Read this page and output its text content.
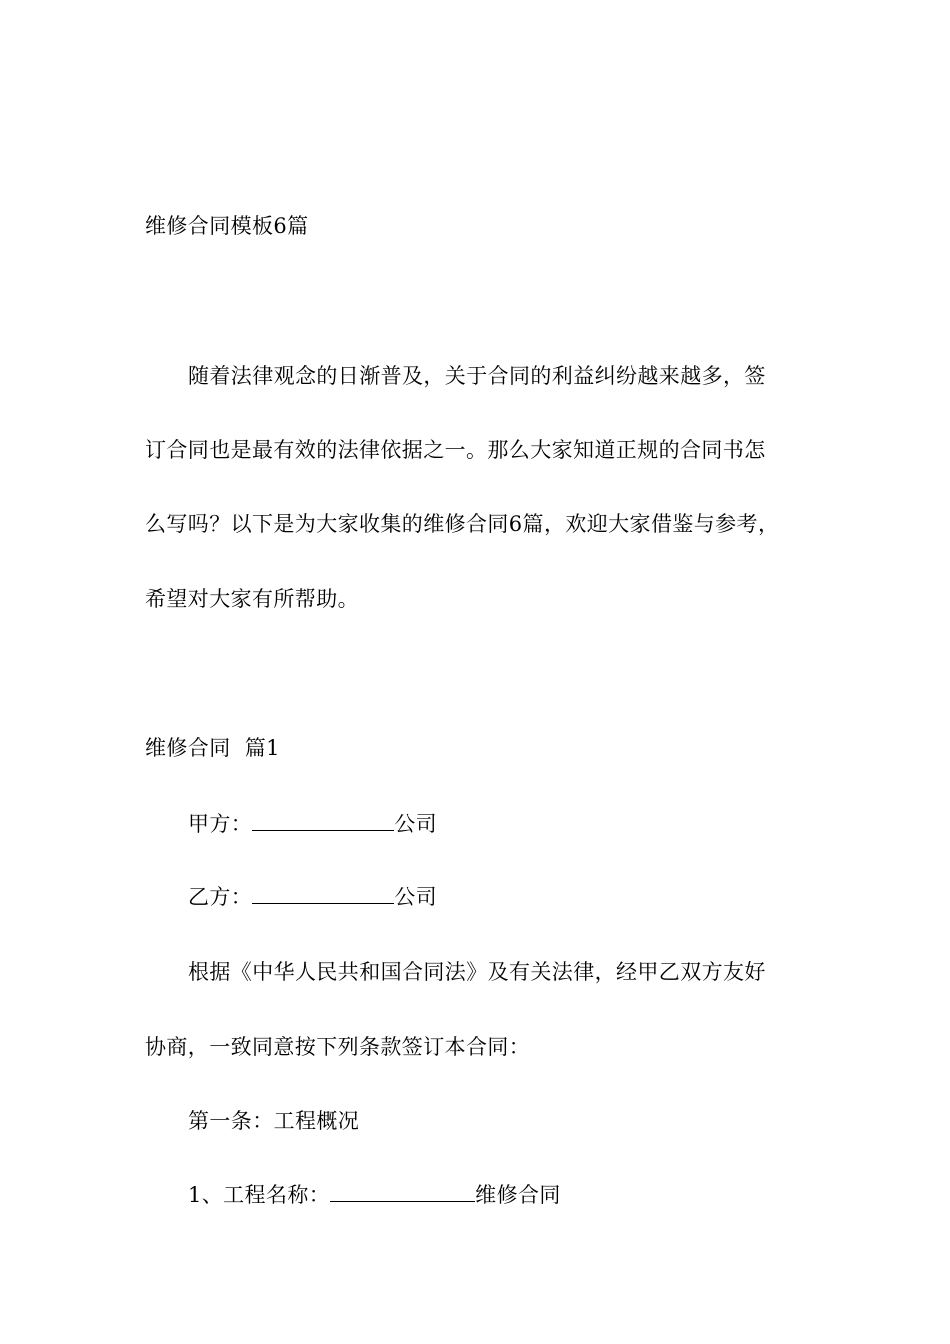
维修合同模板6篇
随着法律观念的日渐普及，关于合同的利益纠纷越来越多，签
订合同也是最有效的法律依据之一。那么大家知道正规的合同书怎
么写吗？以下是为大家收集的维修合同6篇，欢迎大家借鉴与参考，
希望对大家有所帮助。
维修合同  篇1
甲方：	公司
乙方：	公司
根据《中华人民共和国合同法》及有关法律，经甲乙双方友好
协商，一致同意按下列条款签订本合同：
第一条：工程概况
1、工程名称：	维修合同
